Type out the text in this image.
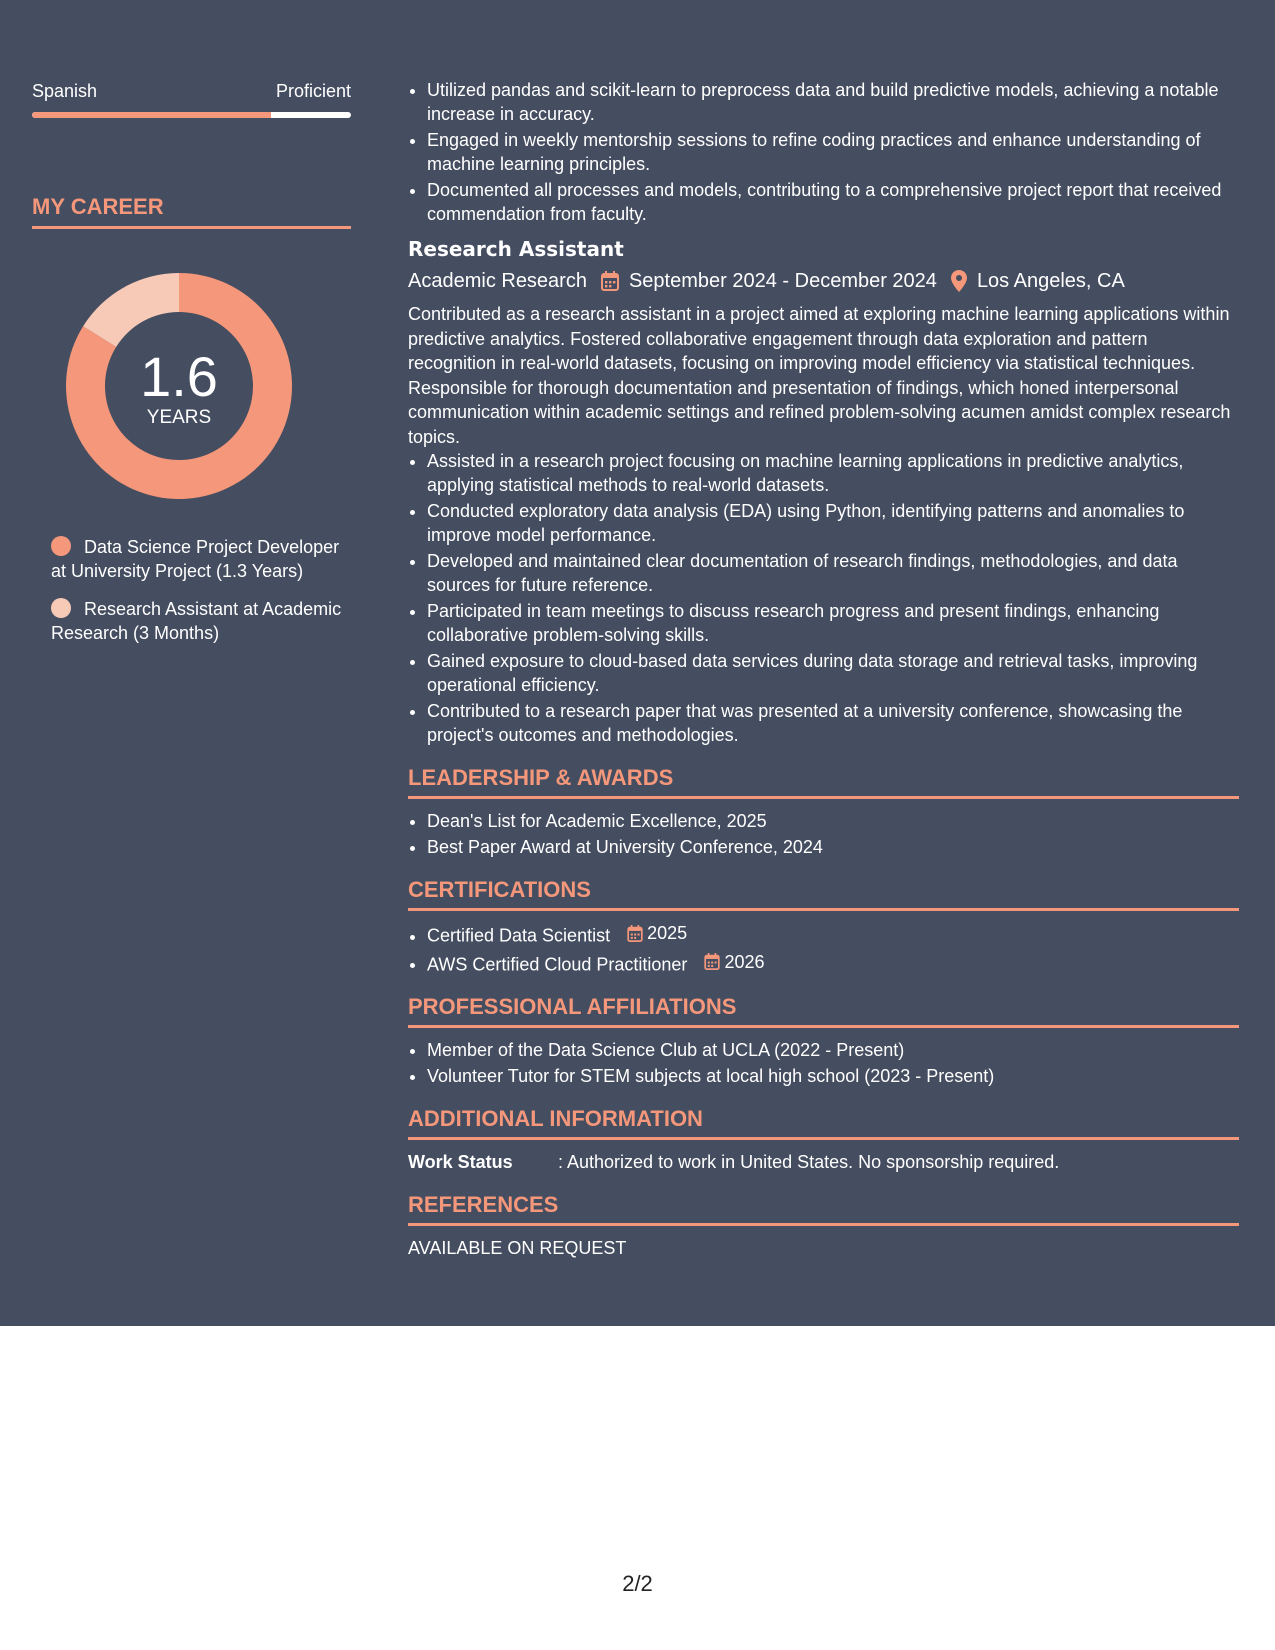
Spanish	Proficient
MY CAREER
1.6
YEARS
Data Science Project Developer at University Project (1.3 Years)
Research Assistant at Academic Research (3 Months)
• Utilized pandas and scikit-learn to preprocess data and build predictive models, achieving a notable increase in accuracy.
• Engaged in weekly mentorship sessions to refine coding practices and enhance understanding of machine learning principles.
• Documented all processes and models, contributing to a comprehensive project report that received commendation from faculty.
Research Assistant
Academic Research September 2024 - December 2024 Los Angeles, CA
Contributed as a research assistant in a project aimed at exploring machine learning applications within predictive analytics. Fostered collaborative engagement through data exploration and pattern recognition in real-world datasets, focusing on improving model efficiency via statistical techniques. Responsible for thorough documentation and presentation of findings, which honed interpersonal communication within academic settings and refined problem-solving acumen amidst complex research topics.
• Assisted in a research project focusing on machine learning applications in predictive analytics, applying statistical methods to real-world datasets.
• Conducted exploratory data analysis (EDA) using Python, identifying patterns and anomalies to improve model performance.
• Developed and maintained clear documentation of research findings, methodologies, and data sources for future reference.
• Participated in team meetings to discuss research progress and present findings, enhancing collaborative problem-solving skills.
• Gained exposure to cloud-based data services during data storage and retrieval tasks, improving operational efficiency.
• Contributed to a research paper that was presented at a university conference, showcasing the project's outcomes and methodologies.
LEADERSHIP & AWARDS
• Dean's List for Academic Excellence, 2025
• Best Paper Award at University Conference, 2024
CERTIFICATIONS
• Certified Data Scientist 2025
• AWS Certified Cloud Practitioner 2026
PROFESSIONAL AFFILIATIONS
• Member of the Data Science Club at UCLA (2022 - Present)
• Volunteer Tutor for STEM subjects at local high school (2023 - Present)
ADDITIONAL INFORMATION
Work Status	: Authorized to work in United States. No sponsorship required.
REFERENCES
AVAILABLE ON REQUEST
2/2
